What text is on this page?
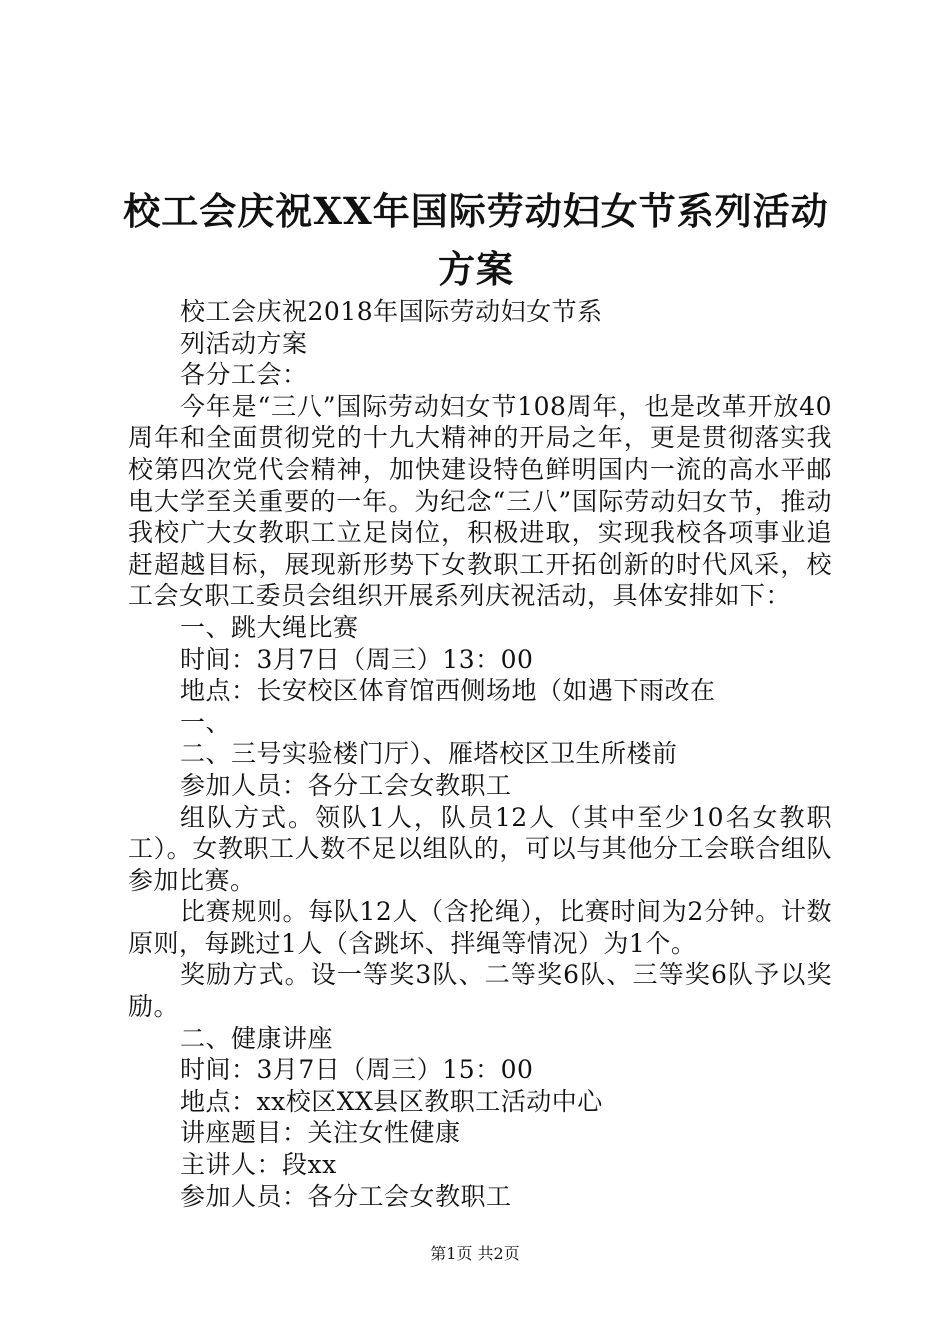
校工会庆祝XX年国际劳动妇女节系列活动方案
校工会庆祝2018年国际劳动妇女节系
列活动方案
各分工会：
今年是“三八”国际劳动妇女节108周年，也是改革开放40周年和全面贯彻党的十九大精神的开局之年，更是贯彻落实我校第四次党代会精神，加快建设特色鲜明国内一流的高水平邮电大学至关重要的一年。为纪念“三八”国际劳动妇女节，推动我校广大女教职工立足岗位，积极进取，实现我校各项事业追赶超越目标，展现新形势下女教职工开拓创新的时代风采，校工会女职工委员会组织开展系列庆祝活动，具体安排如下：
一、跳大绳比赛
时间：3月7日（周三）13：00
地点：长安校区体育馆西侧场地（如遇下雨改在
一、
二、三号实验楼门厅）、雁塔校区卫生所楼前
参加人员：各分工会女教职工
组队方式。领队1人，队员12人（其中至少10名女教职工）。女教职工人数不足以组队的，可以与其他分工会联合组队参加比赛。
比赛规则。每队12人（含抡绳），比赛时间为2分钟。计数原则，每跳过1人（含跳坏、拌绳等情况）为1个。
奖励方式。设一等奖3队、二等奖6队、三等奖6队予以奖励。
二、健康讲座
时间：3月7日（周三）15：00
地点：xx校区XX县区教职工活动中心
讲座题目：关注女性健康
主讲人：段xx
参加人员：各分工会女教职工
第1页 共2页
